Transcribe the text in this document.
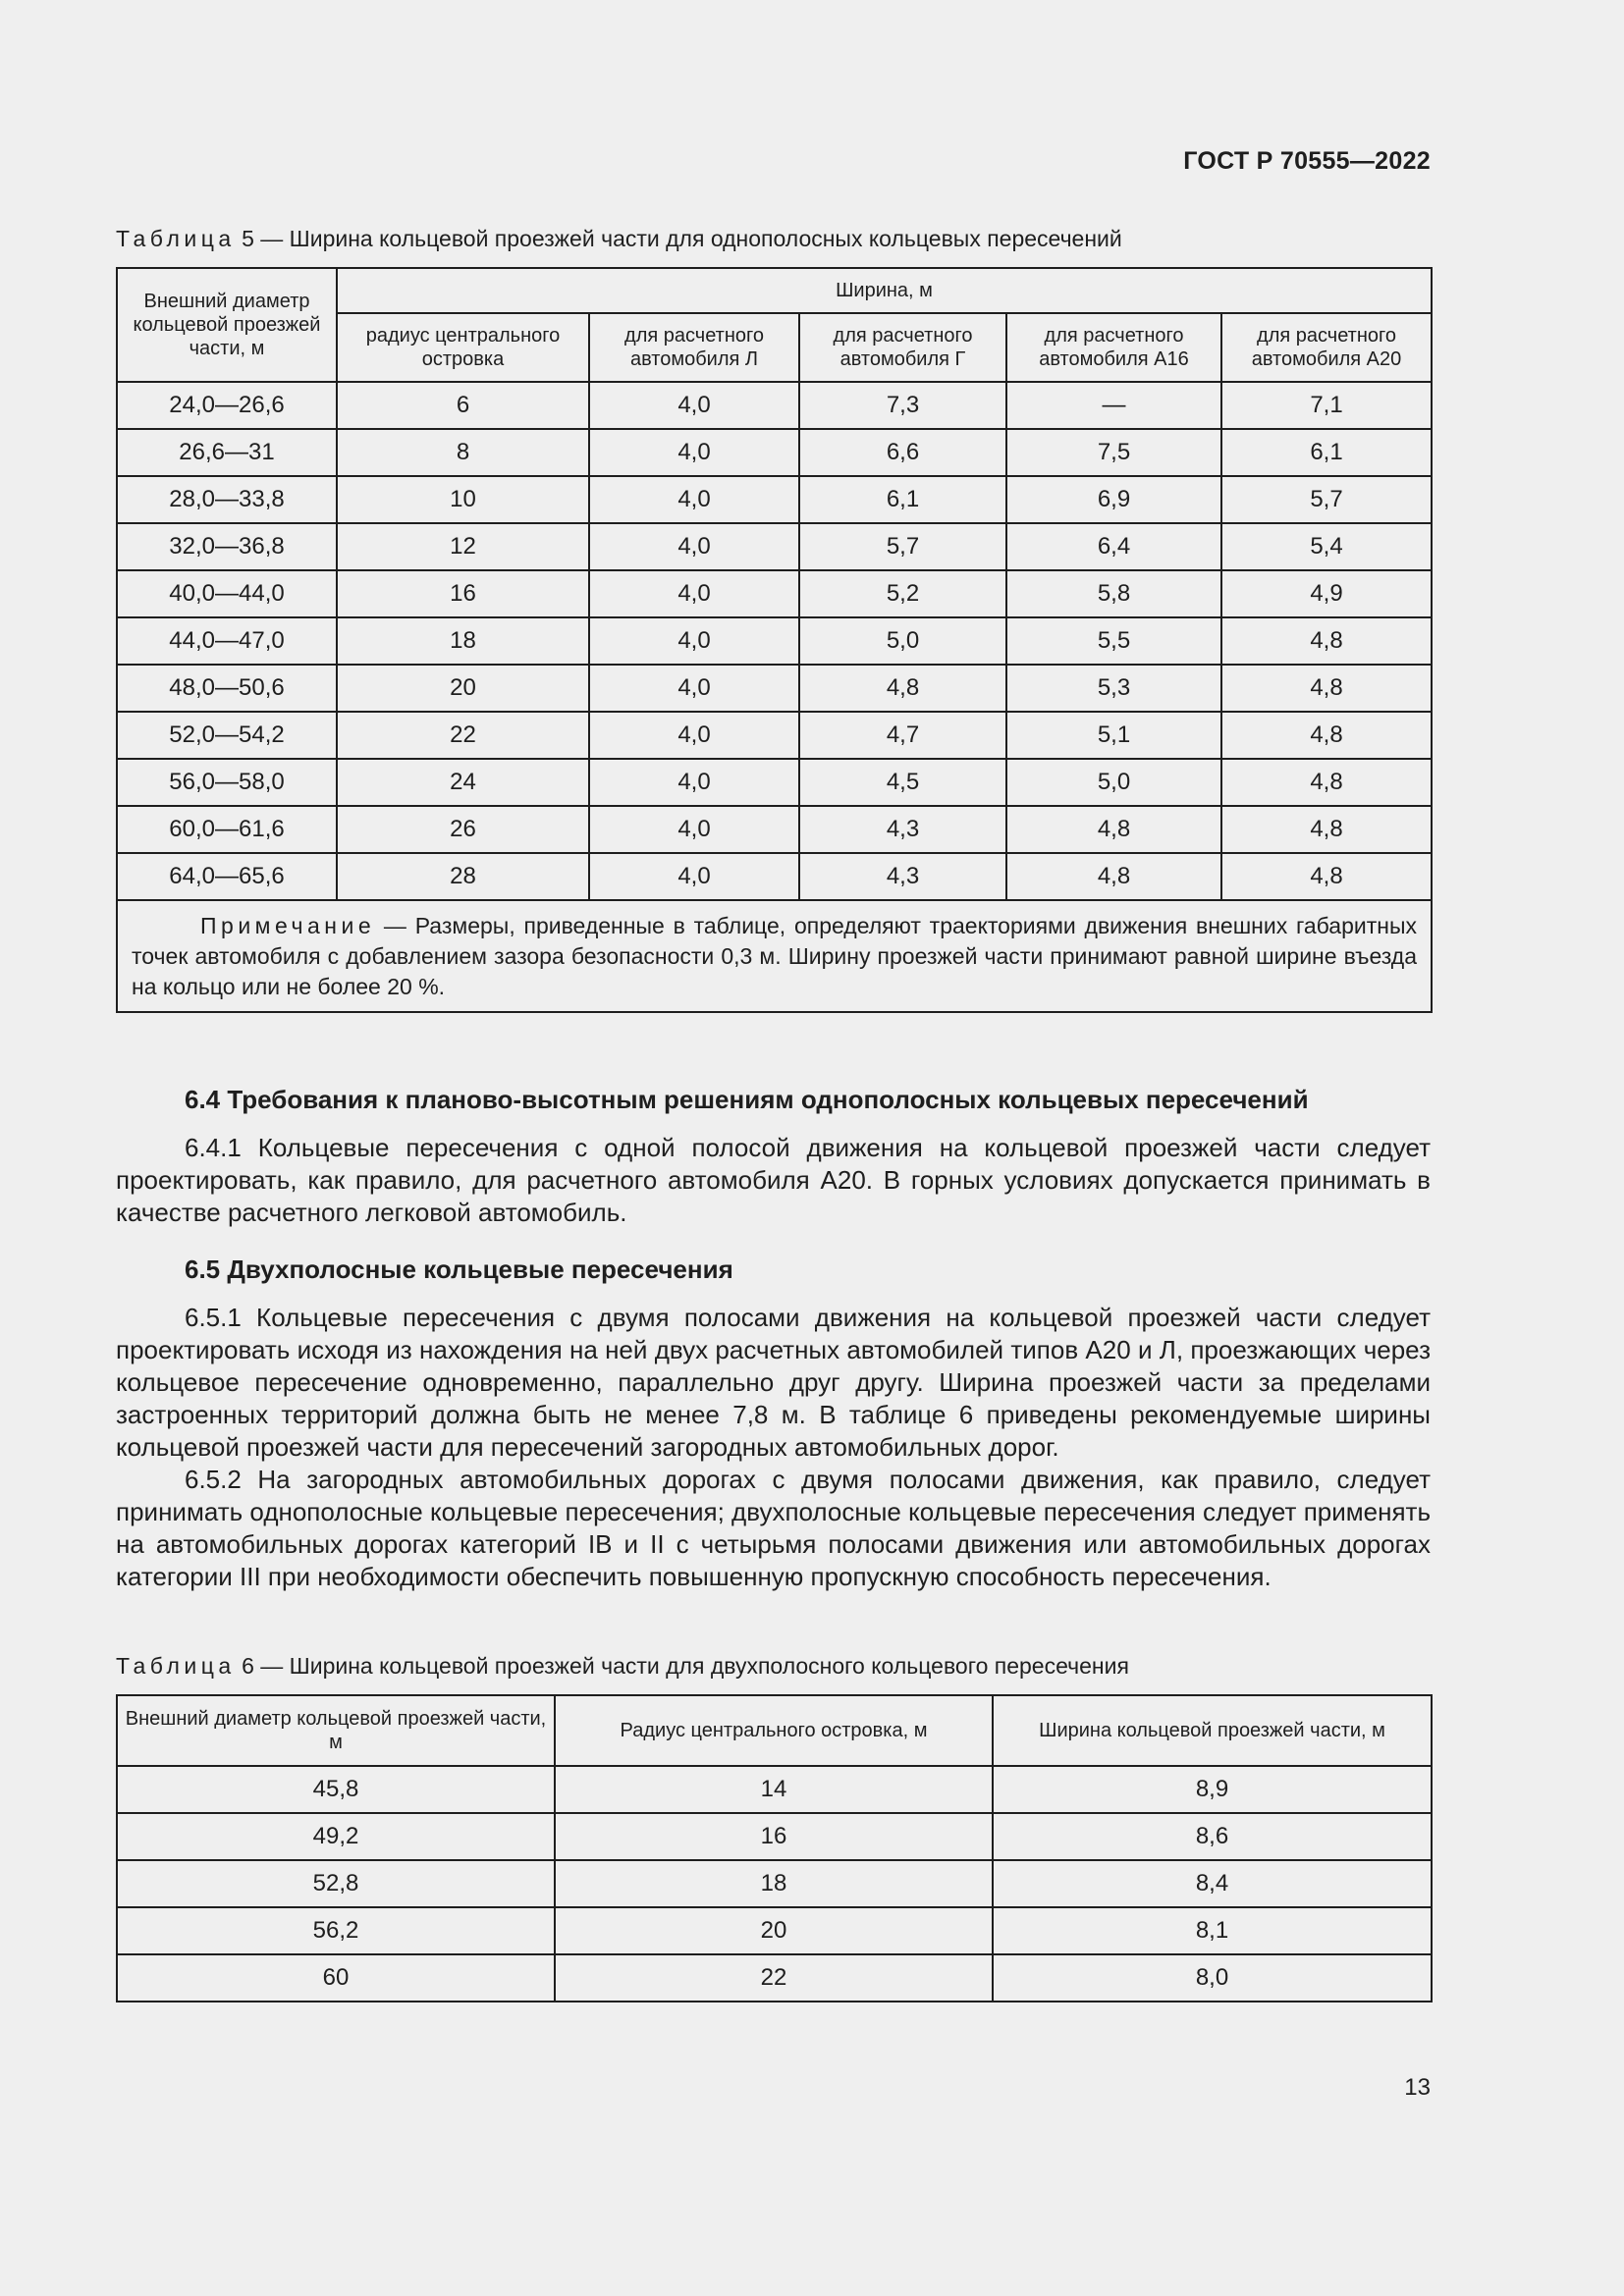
ГОСТ Р 70555—2022
Таблица 5 — Ширина кольцевой проезжей части для однополосных кольцевых пересечений
Внешний диаметр кольцевой проезжей части, м	Ширина, м				
	радиус центрального островка	для расчетного автомобиля Л	для расчетного автомобиля Г	для расчетного автомобиля А16	для расчетного автомобиля А20
24,0—26,6	6	4,0	7,3	—	7,1
26,6—31	8	4,0	6,6	7,5	6,1
28,0—33,8	10	4,0	6,1	6,9	5,7
32,0—36,8	12	4,0	5,7	6,4	5,4
40,0—44,0	16	4,0	5,2	5,8	4,9
44,0—47,0	18	4,0	5,0	5,5	4,8
48,0—50,6	20	4,0	4,8	5,3	4,8
52,0—54,2	22	4,0	4,7	5,1	4,8
56,0—58,0	24	4,0	4,5	5,0	4,8
60,0—61,6	26	4,0	4,3	4,8	4,8
64,0—65,6	28	4,0	4,3	4,8	4,8
Примечание — Размеры, приведенные в таблице, определяют траекториями движения внешних габаритных точек автомобиля с добавлением зазора безопасности 0,3 м. Ширину проезжей части принимают равной ширине въезда на кольцо или не более 20 %.					
6.4 Требования к планово-высотным решениям однополосных кольцевых пересечений

6.4.1 Кольцевые пересечения с одной полосой движения на кольцевой проезжей части следует проектировать, как правило, для расчетного автомобиля А20. В горных условиях допускается принимать в качестве расчетного легковой автомобиль.

6.5 Двухполосные кольцевые пересечения

6.5.1 Кольцевые пересечения с двумя полосами движения на кольцевой проезжей части следует проектировать исходя из нахождения на ней двух расчетных автомобилей типов А20 и Л, проезжающих через кольцевое пересечение одновременно, параллельно друг другу. Ширина проезжей части за пределами застроенных территорий должна быть не менее 7,8 м. В таблице 6 приведены рекомендуемые ширины кольцевой проезжей части для пересечений загородных автомобильных дорог.

6.5.2 На загородных автомобильных дорогах с двумя полосами движения, как правило, следует принимать однополосные кольцевые пересечения; двухполосные кольцевые пересечения следует применять на автомобильных дорогах категорий IB и II с четырьмя полосами движения или автомобильных дорогах категории III при необходимости обеспечить повышенную пропускную способность пересечения.

Таблица 6 — Ширина кольцевой проезжей части для двухполосного кольцевого пересечения
Внешний диаметр кольцевой проезжей части, м	Радиус центрального островка, м	Ширина кольцевой проезжей части, м
45,8	14	8,9
49,2	16	8,6
52,8	18	8,4
56,2	20	8,1
60	22	8,0
13
